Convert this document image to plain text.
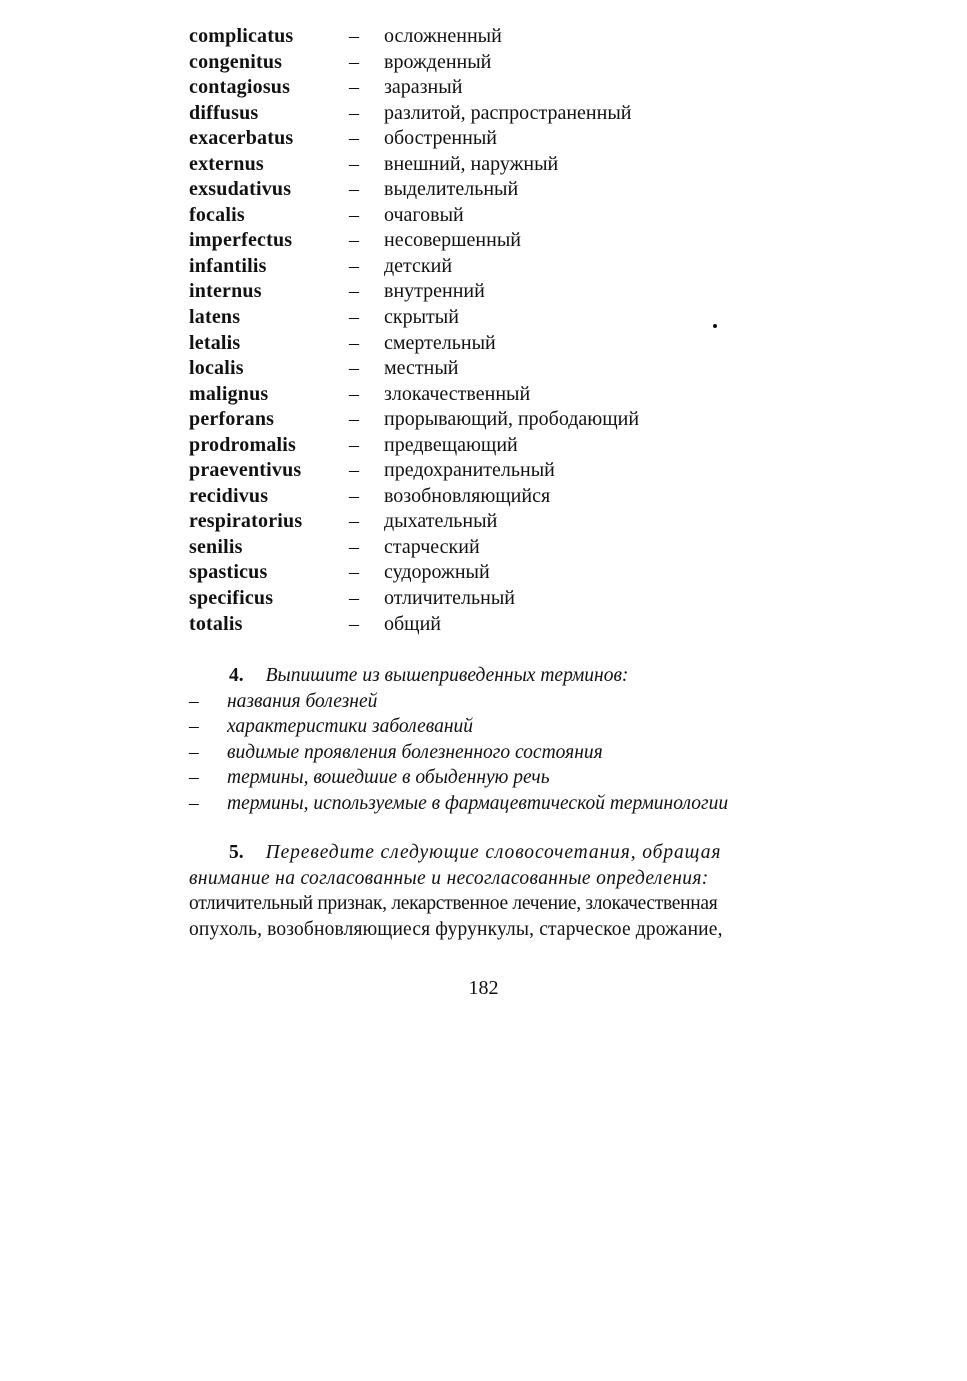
complicatus	–	осложненный
congenitus	–	врожденный
contagiosus	–	заразный
diffusus	–	разлитой, распространенный
exacerbatus	–	обостренный
externus	–	внешний, наружный
exsudativus	–	выделительный
focalis	–	очаговый
imperfectus	–	несовершенный
infantilis	–	детский
internus	–	внутренний
latens	–	скрытый
letalis	–	смертельный
localis	–	местный
malignus	–	злокачественный
perforans	–	прорывающий, прободающий
prodromalis	–	предвещающий
praeventivus	–	предохранительный
recidivus	–	возобновляющийся
respiratorius	–	дыхательный
senilis	–	старческий
spasticus	–	судорожный
specificus	–	отличительный
totalis	–	общий
4. Выпишите из вышеприведенных терминов:
–	названия болезней
–	характеристики заболеваний
–	видимые проявления болезненного состояния
–	термины, вошедшие в обыденную речь
–	термины, используемые в фармацевтической терминологии
5. Переведите следующие словосочетания, обращая
внимание на согласованные и несогласованные определения:
отличительный признак, лекарственное лечение, злокачественная
опухоль, возобновляющиеся фурункулы, старческое дрожание,
182
